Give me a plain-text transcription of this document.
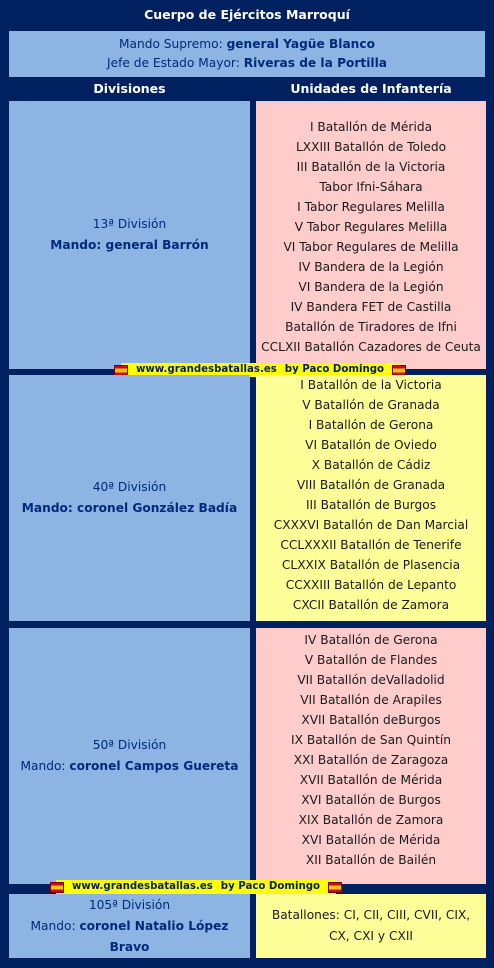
Cuerpo de Ejércitos Marroquí
Mando Supremo: general Yagüe Blanco
Jefe de Estado Mayor: Riveras de la Portilla
Divisiones	Unidades de Infantería
13ª División
Mando: general Barrón
I Batallón de Mérida
LXXIII Batallón de Toledo
III Batallón de la Victoria
Tabor Ifni-Sáhara
I Tabor Regulares Melilla
V Tabor Regulares Melilla
VI Tabor Regulares de Melilla
IV Bandera de la Legión
VI Bandera de la Legión
IV Bandera FET de Castilla
Batallón de Tiradores de Ifni
CCLXII Batallón Cazadores de Ceuta
www.grandesbatallas.es by Paco Domingo
40ª División
Mando: coronel González Badía
I Batallón de la Victoria
V Batallón de Granada
I Batallón de Gerona
VI Batallón de Oviedo
X Batallón de Cádiz
VIII Batallón de Granada
III Batallón de Burgos
CXXXVI Batallón de Dan Marcial
CCLXXXII Batallón de Tenerife
CLXXIX Batallón de Plasencia
CCXXIII Batallón de Lepanto
CXCII Batallón de Zamora
50ª División
Mando: coronel Campos Guereta
IV Batallón de Gerona
V Batallón de Flandes
VII Batallón deValladolid
VII Batallón de Arapiles
XVII Batallón deBurgos
IX Batallón de San Quintín
XXI Batallón de Zaragoza
XVII Batallón de Mérida
XVI Batallón de Burgos
XIX Batallón de Zamora
XVI Batallón de Mérida
XII Batallón de Bailén
www.grandesbatallas.es by Paco Domingo
105ª División
Mando: coronel Natalio López Bravo
Batallones: CI, CII, CIII, CVII, CIX, CX, CXI y CXII
